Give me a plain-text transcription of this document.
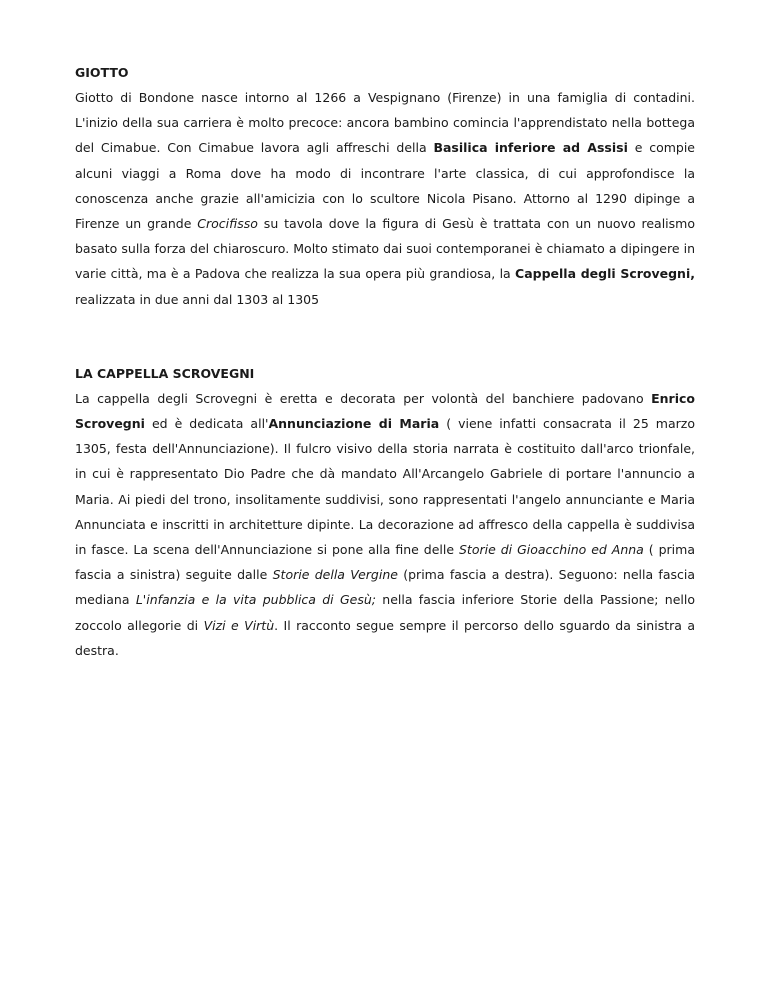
GIOTTO

Giotto di Bondone nasce intorno al 1266 a Vespignano (Firenze) in una famiglia di contadini. L'inizio della sua carriera è molto precoce: ancora bambino comincia l'apprendistato nella bottega del Cimabue. Con Cimabue lavora agli affreschi della Basilica inferiore ad Assisi e compie alcuni viaggi a Roma dove ha modo di incontrare l'arte classica, di cui approfondisce la conoscenza anche grazie all'amicizia con lo scultore Nicola Pisano. Attorno al 1290 dipinge a Firenze un grande Crocifisso su tavola dove la figura di Gesù è trattata con un nuovo realismo basato sulla forza del chiaroscuro. Molto stimato dai suoi contemporanei è chiamato a dipingere in varie città, ma è a Padova che realizza la sua opera più grandiosa, la Cappella degli Scrovegni, realizzata in due anni dal 1303 al 1305

LA CAPPELLA SCROVEGNI

La cappella degli Scrovegni è eretta e decorata per volontà del banchiere padovano Enrico Scrovegni ed è dedicata all'Annunciazione di Maria ( viene infatti consacrata il 25 marzo 1305, festa dell'Annunciazione). Il fulcro visivo della storia narrata è costituito dall'arco trionfale, in cui è rappresentato Dio Padre che dà mandato All'Arcangelo Gabriele di portare l'annuncio a Maria. Ai piedi del trono, insolitamente suddivisi, sono rappresentati l'angelo annunciante e Maria Annunciata e inscritti in architetture dipinte. La decorazione ad affresco della cappella è suddivisa in fasce. La scena dell'Annunciazione si pone alla fine delle Storie di Gioacchino ed Anna ( prima fascia a sinistra) seguite dalle Storie della Vergine (prima fascia a destra). Seguono: nella fascia mediana L'infanzia e la vita pubblica di Gesù; nella fascia inferiore Storie della Passione; nello zoccolo allegorie di Vizi e Virtù. Il racconto segue sempre il percorso dello sguardo da sinistra a destra.
